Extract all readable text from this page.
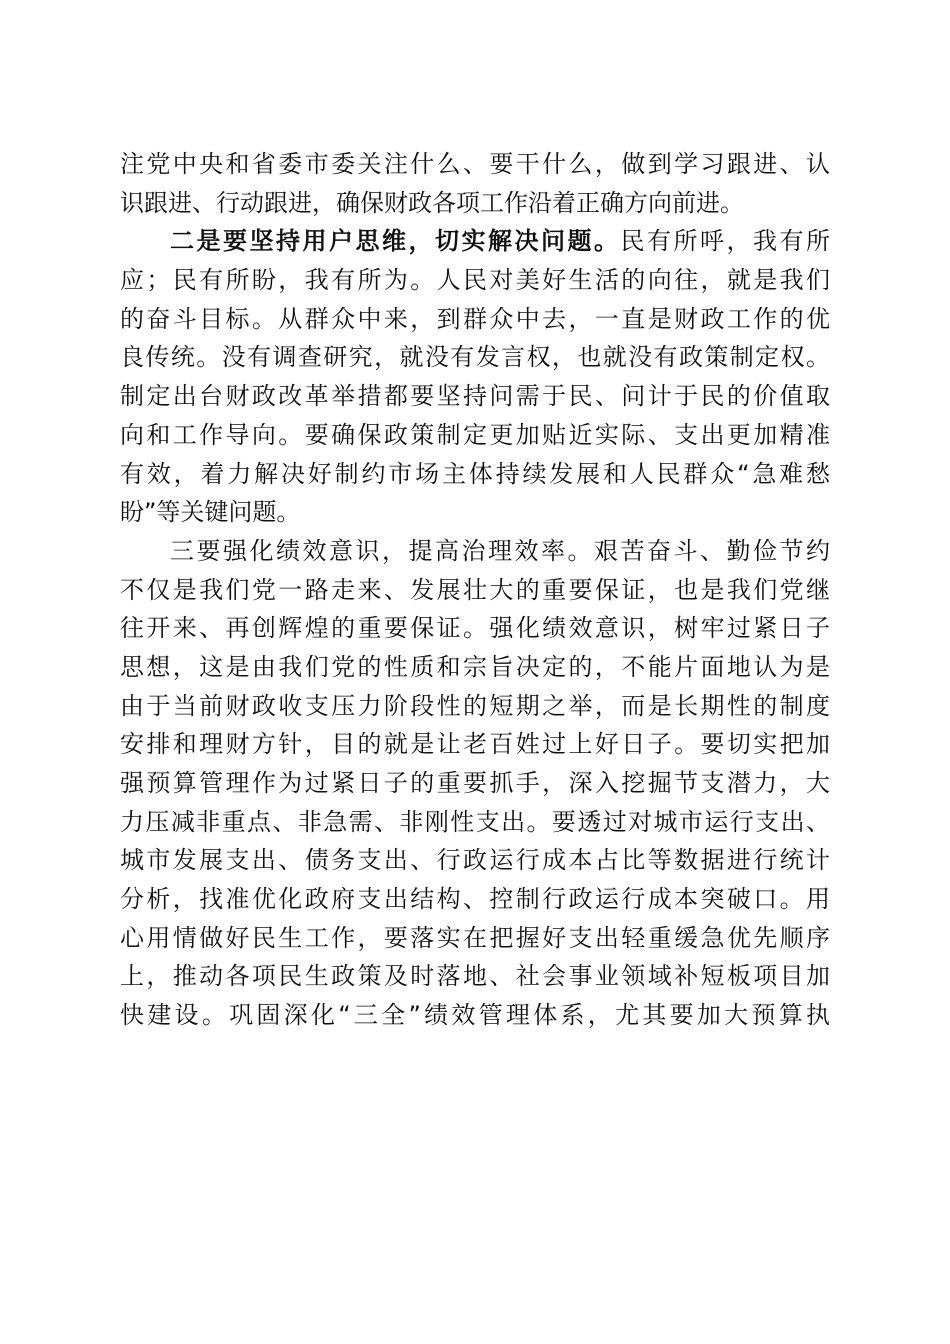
注党中央和省委市委关注什么、要干什么，做到学习跟进、认
识跟进、行动跟进，确保财政各项工作沿着正确方向前进。
二是要坚持用户思维，切实解决问题。民有所呼，我有所
应；民有所盼，我有所为。人民对美好生活的向往，就是我们
的奋斗目标。从群众中来，到群众中去，一直是财政工作的优
良传统。没有调查研究，就没有发言权，也就没有政策制定权。
制定出台财政改革举措都要坚持问需于民、问计于民的价值取
向和工作导向。要确保政策制定更加贴近实际、支出更加精准
有效，着力解决好制约市场主体持续发展和人民群众“急难愁
盼”等关键问题。
三要强化绩效意识，提高治理效率。艰苦奋斗、勤俭节约
不仅是我们党一路走来、发展壮大的重要保证，也是我们党继
往开来、再创辉煌的重要保证。强化绩效意识，树牢过紧日子
思想，这是由我们党的性质和宗旨决定的，不能片面地认为是
由于当前财政收支压力阶段性的短期之举，而是长期性的制度
安排和理财方针，目的就是让老百姓过上好日子。要切实把加
强预算管理作为过紧日子的重要抓手，深入挖掘节支潜力，大
力压减非重点、非急需、非刚性支出。要透过对城市运行支出、
城市发展支出、债务支出、行政运行成本占比等数据进行统计
分析，找准优化政府支出结构、控制行政运行成本突破口。用
心用情做好民生工作，要落实在把握好支出轻重缓急优先顺序
上，推动各项民生政策及时落地、社会事业领域补短板项目加
快建设。巩固深化“三全”绩效管理体系，尤其要加大预算执
